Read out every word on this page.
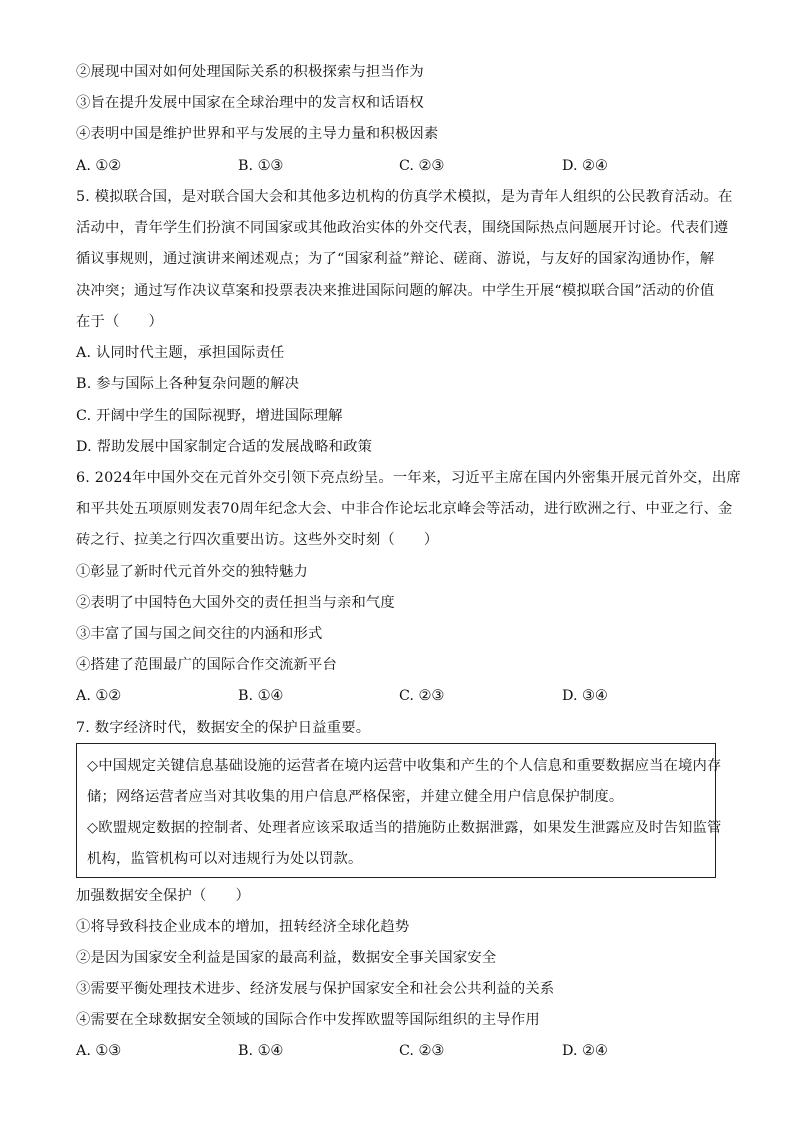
②展现中国对如何处理国际关系的积极探索与担当作为
③旨在提升发展中国家在全球治理中的发言权和话语权
④表明中国是维护世界和平与发展的主导力量和积极因素
A. ①②	B. ①③	C. ②③	D. ②④
5. 模拟联合国，是对联合国大会和其他多边机构的仿真学术模拟，是为青年人组织的公民教育活动。在
活动中，青年学生们扮演不同国家或其他政治实体的外交代表，围绕国际热点问题展开讨论。代表们遵
循议事规则，通过演讲来阐述观点；为了“国家利益”辩论、磋商、游说，与友好的国家沟通协作，解
决冲突；通过写作决议草案和投票表决来推进国际问题的解决。中学生开展“模拟联合国”活动的价值
在于（　　）
A. 认同时代主题，承担国际责任
B. 参与国际上各种复杂问题的解决
C. 开阔中学生的国际视野，增进国际理解
D. 帮助发展中国家制定合适的发展战略和政策
6. 2024年中国外交在元首外交引领下亮点纷呈。一年来，习近平主席在国内外密集开展元首外交，出席
和平共处五项原则发表70周年纪念大会、中非合作论坛北京峰会等活动，进行欧洲之行、中亚之行、金
砖之行、拉美之行四次重要出访。这些外交时刻（　　）
①彰显了新时代元首外交的独特魅力
②表明了中国特色大国外交的责任担当与亲和气度
③丰富了国与国之间交往的内涵和形式
④搭建了范围最广的国际合作交流新平台
A. ①②	B. ①④	C. ②③	D. ③④
7. 数字经济时代，数据安全的保护日益重要。
◇中国规定关键信息基础设施的运营者在境内运营中收集和产生的个人信息和重要数据应当在境内存
储；网络运营者应当对其收集的用户信息严格保密，并建立健全用户信息保护制度。
◇欧盟规定数据的控制者、处理者应该采取适当的措施防止数据泄露，如果发生泄露应及时告知监管
机构，监管机构可以对违规行为处以罚款。
加强数据安全保护（　　）
①将导致科技企业成本的增加，扭转经济全球化趋势
②是因为国家安全利益是国家的最高利益，数据安全事关国家安全
③需要平衡处理技术进步、经济发展与保护国家安全和社会公共利益的关系
④需要在全球数据安全领域的国际合作中发挥欧盟等国际组织的主导作用
A. ①③	B. ①④	C. ②③	D. ②④
